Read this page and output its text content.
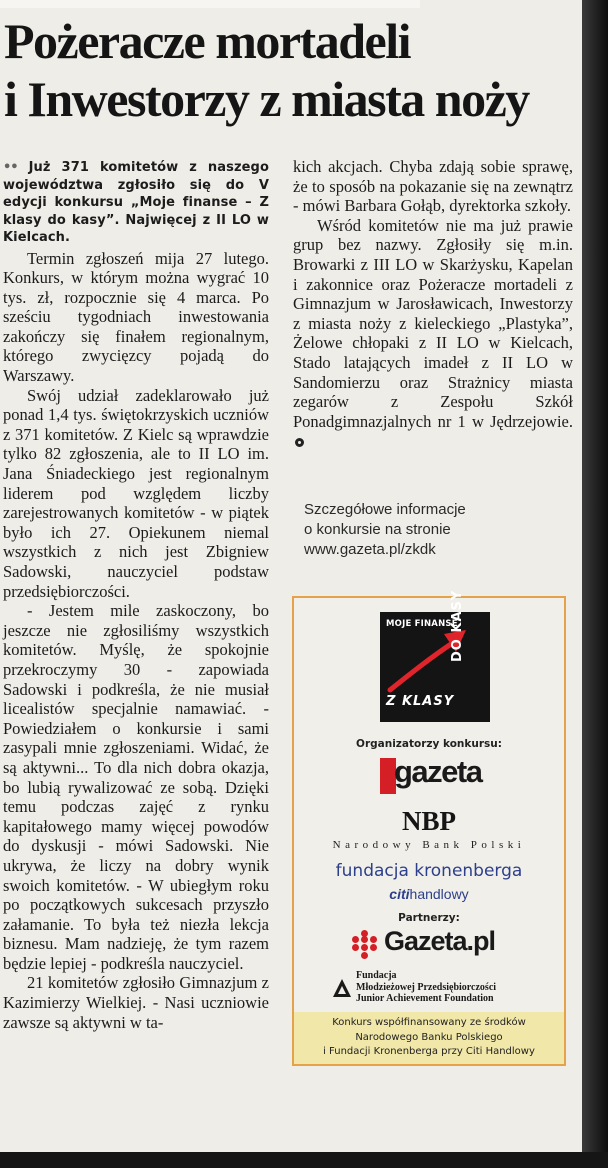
Pożeracze mortadeli
i Inwestorzy z miasta noży

•• Już 371 komitetów z naszego województwa zgłosiło się do V edycji konkursu „Moje finanse – Z klasy do kasy”. Najwięcej z II LO w Kielcach.

Termin zgłoszeń mija 27 lutego. Konkurs, w którym można wygrać 10 tys. zł, rozpocznie się 4 marca. Po sześciu tygodniach inwestowania zakończy się finałem regionalnym, którego zwycięzcy pojadą do Warszawy.

Swój udział zadeklarowało już ponad 1,4 tys. świętokrzyskich uczniów z 371 komitetów. Z Kielc są wprawdzie tylko 82 zgłoszenia, ale to II LO im. Jana Śniadeckiego jest regionalnym liderem pod względem liczby zarejestrowanych komitetów - w piątek było ich 27. Opiekunem niemal wszystkich z nich jest Zbigniew Sadowski, nauczyciel podstaw przedsiębiorczości.

- Jestem mile zaskoczony, bo jeszcze nie zgłosiliśmy wszystkich komitetów. Myślę, że spokojnie przekroczymy 30 - zapowiada Sadowski i podkreśla, że nie musiał licealistów specjalnie namawiać. - Powiedziałem o konkursie i sami zasypali mnie zgłoszeniami. Widać, że są aktywni... To dla nich dobra okazja, bo lubią rywalizować ze sobą. Dzięki temu podczas zajęć z rynku kapitałowego mamy więcej powodów do dyskusji - mówi Sadowski. Nie ukrywa, że liczy na dobry wynik swoich komitetów. - W ubiegłym roku po początkowych sukcesach przyszło załamanie. To była też niezła lekcja biznesu. Mam nadzieję, że tym razem będzie lepiej - podkreśla nauczyciel.

21 komitetów zgłosiło Gimnazjum z Kazimierzy Wielkiej. - Nasi uczniowie zawsze są aktywni w ta-

kich akcjach. Chyba zdają sobie sprawę, że to sposób na pokazanie się na zewnątrz - mówi Barbara Gołąb, dyrektorka szkoły.

Wśród komitetów nie ma już prawie grup bez nazwy. Zgłosiły się m.in. Browarki z III LO w Skarżysku, Kapelan i zakonnice oraz Pożeracze mortadeli z Gimnazjum w Jarosławicach, Inwestorzy z miasta noży z kieleckiego „Plastyka”, Żelowe chłopaki z II LO w Kielcach, Stado latających imadeł z II LO w Sandomierzu oraz Strażnicy miasta zegarów z Zespołu Szkół Ponadgimnazjalnych nr 1 w Jędrzejowie.

Szczegółowe informacje
o konkursie na stronie
www.gazeta.pl/zkdk
MOJE FINANSE
DO KASY
Z KLASY
Organizatorzy konkursu:
gazeta
NBP
Narodowy Bank Polski
fundacja kronenberga
citihandlowy
Partnerzy:
Gazeta.pl
Fundacja
Młodzieżowej Przedsiębiorczości
Junior Achievement Foundation
Konkurs współfinansowany ze środków
Narodowego Banku Polskiego
i Fundacji Kronenberga przy Citi Handlowy
